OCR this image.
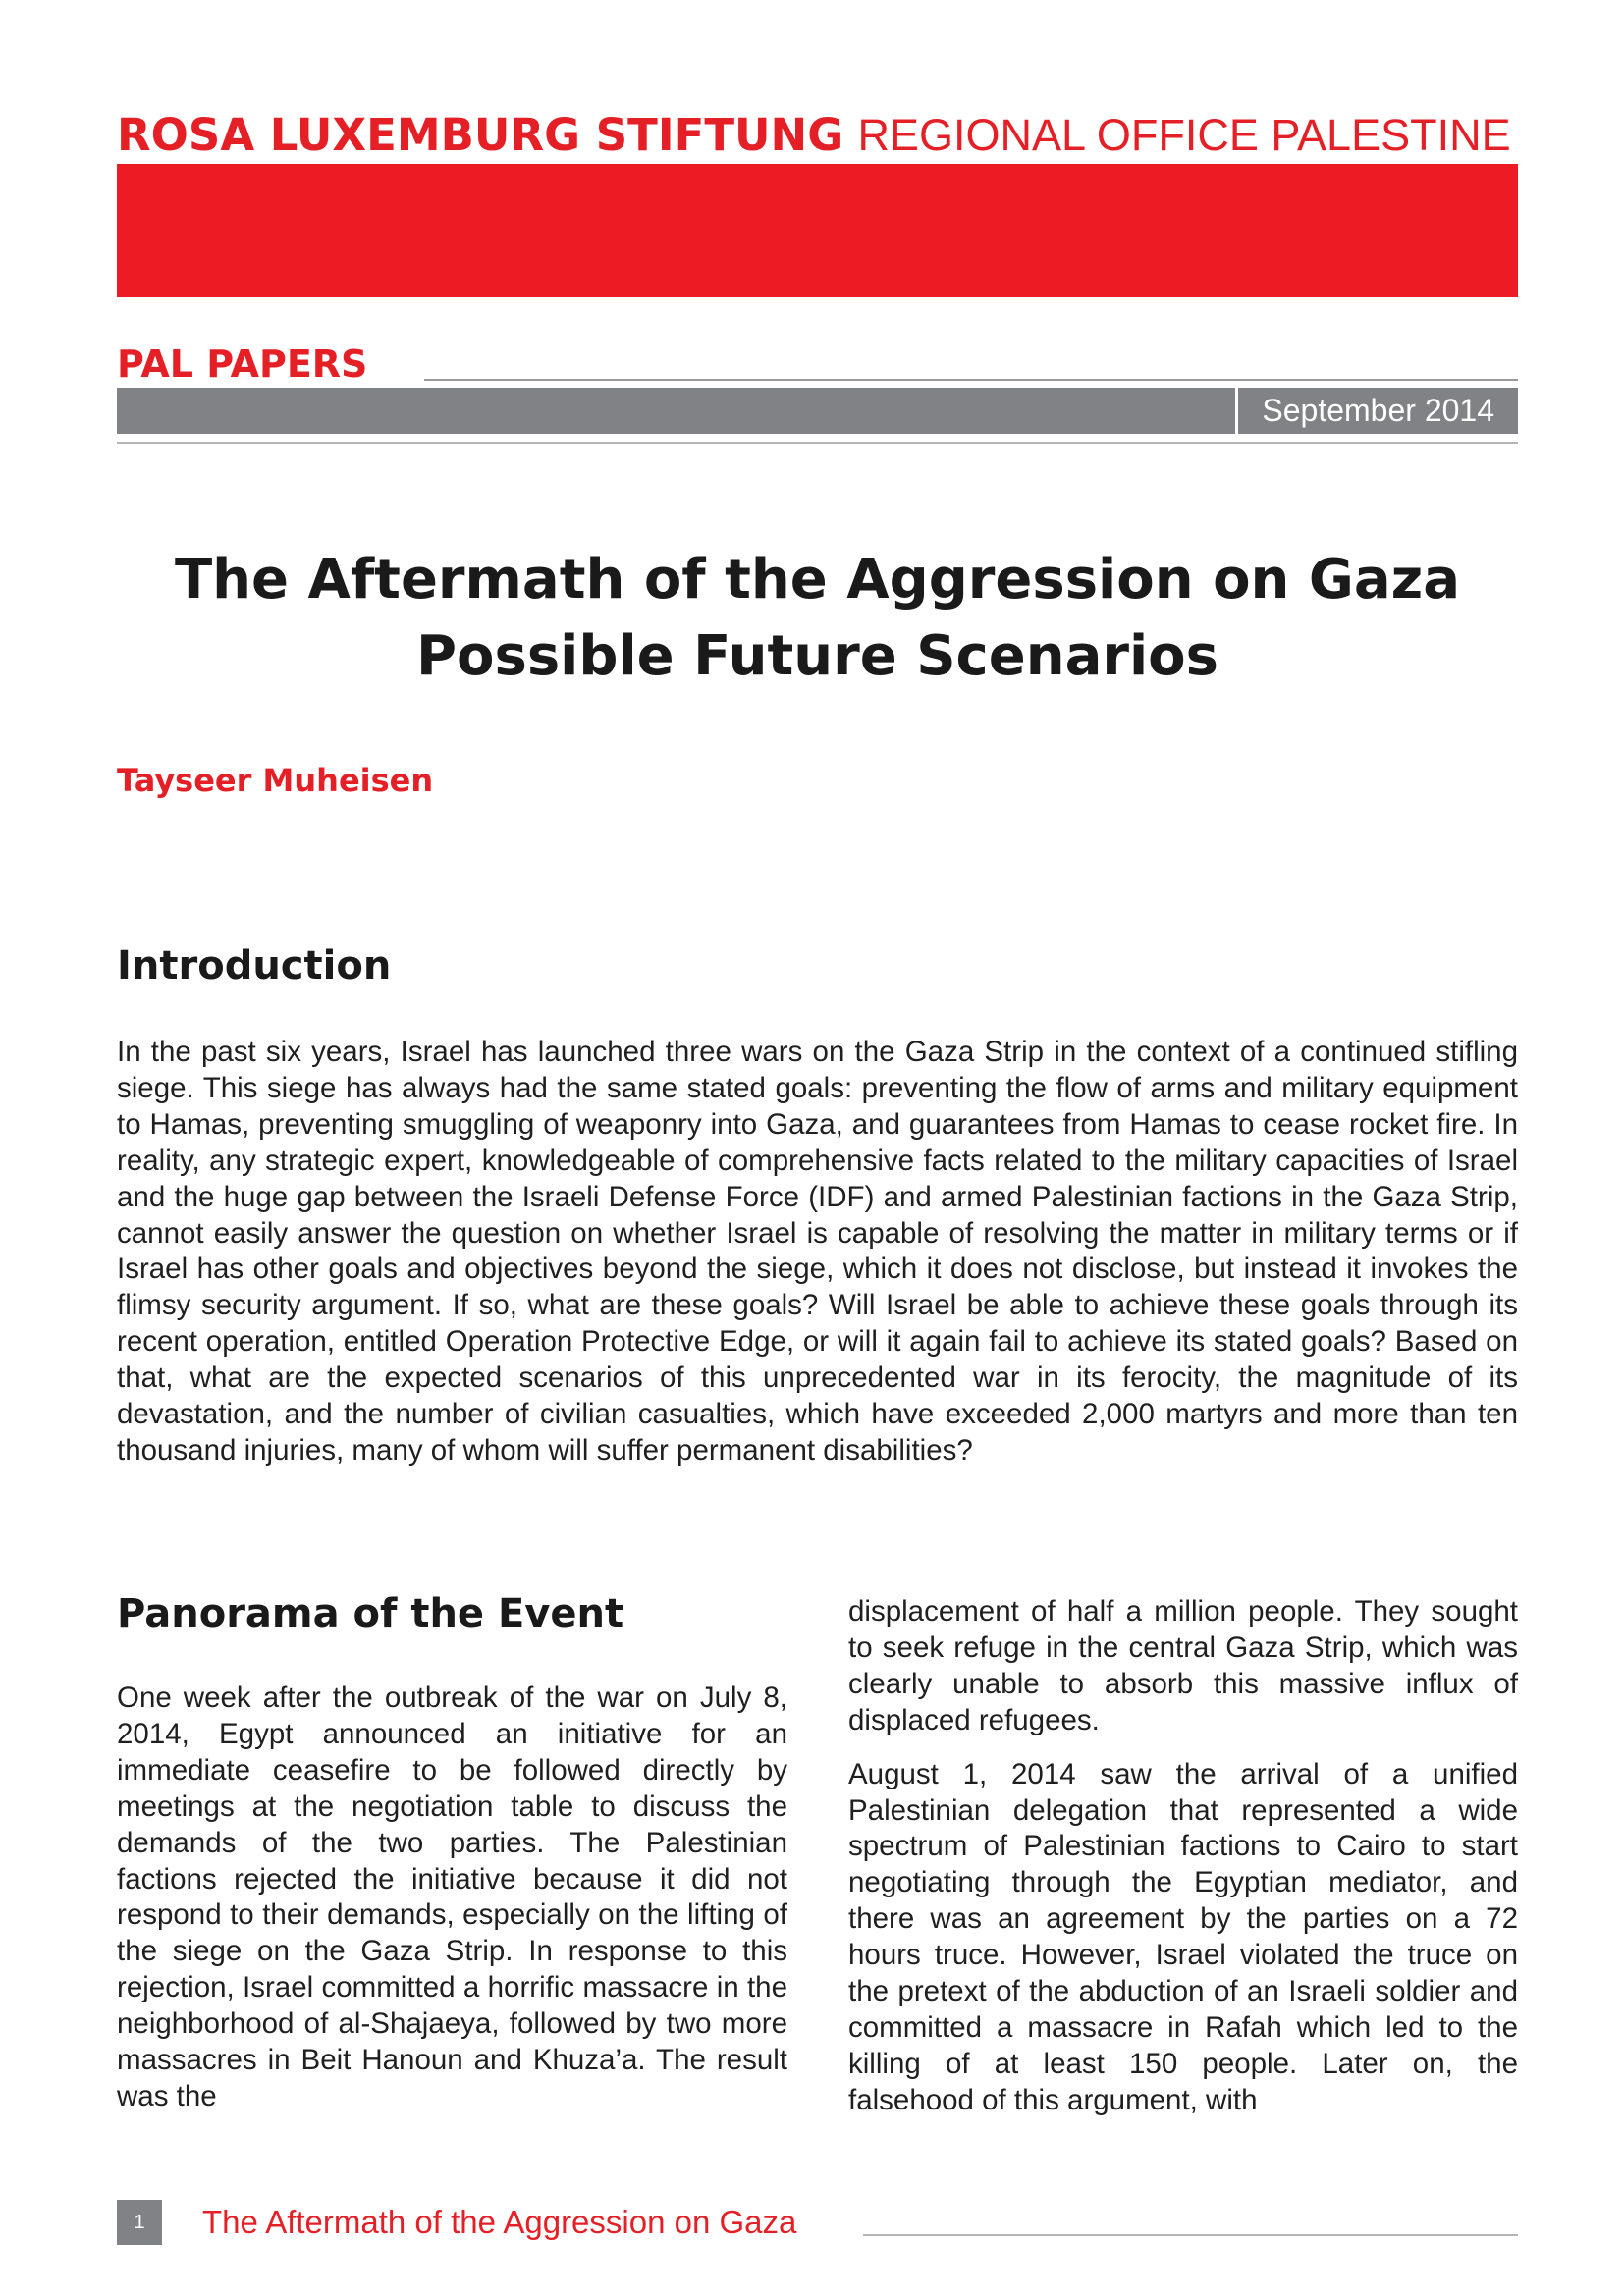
ROSA LUXEMBURG STIFTUNG REGIONAL OFFICE PALESTINE
PAL PAPERS
September 2014
The Aftermath of the Aggression on Gaza
Possible Future Scenarios
Tayseer Muheisen
Introduction

In the past six years, Israel has launched three wars on the Gaza Strip in the context of a continued stifling siege. This siege has always had the same stated goals: preventing the flow of arms and military equipment to Hamas, preventing smuggling of weaponry into Gaza, and guarantees from Hamas to cease rocket fire. In reality, any strategic expert, knowledgeable of comprehensive facts related to the military capacities of Israel and the huge gap between the Israeli Defense Force (IDF) and armed Palestinian factions in the Gaza Strip, cannot easily answer the question on whether Israel is capable of resolving the matter in military terms or if Israel has other goals and objectives beyond the siege, which it does not disclose, but instead it invokes the flimsy security argument. If so, what are these goals? Will Israel be able to achieve these goals through its recent operation, entitled Operation Protective Edge, or will it again fail to achieve its stated goals? Based on that, what are the expected scenarios of this unprecedented war in its ferocity, the magnitude of its devastation, and the number of civilian casualties, which have exceeded 2,000 martyrs and more than ten thousand injuries, many of whom will suffer permanent disabilities?

Panorama of the Event

One week after the outbreak of the war on July 8, 2014, Egypt announced an initiative for an immediate ceasefire to be followed directly by meetings at the negotiation table to discuss the demands of the two parties. The Palestinian factions rejected the initiative because it did not respond to their demands, especially on the lifting of the siege on the Gaza Strip. In response to this rejection, Israel committed a horrific massacre in the neighborhood of al-Shajaeya, followed by two more massacres in Beit Hanoun and Khuza’a. The result was the

displacement of half a million people. They sought to seek refuge in the central Gaza Strip, which was clearly unable to absorb this massive influx of displaced refugees.

August 1, 2014 saw the arrival of a unified Palestinian delegation that represented a wide spectrum of Palestinian factions to Cairo to start negotiating through the Egyptian mediator, and there was an agreement by the parties on a 72 hours truce. However, Israel violated the truce on the pretext of the abduction of an Israeli soldier and committed a massacre in Rafah which led to the killing of at least 150 people. Later on, the falsehood of this argument, with

1	The Aftermath of the Aggression on Gaza
